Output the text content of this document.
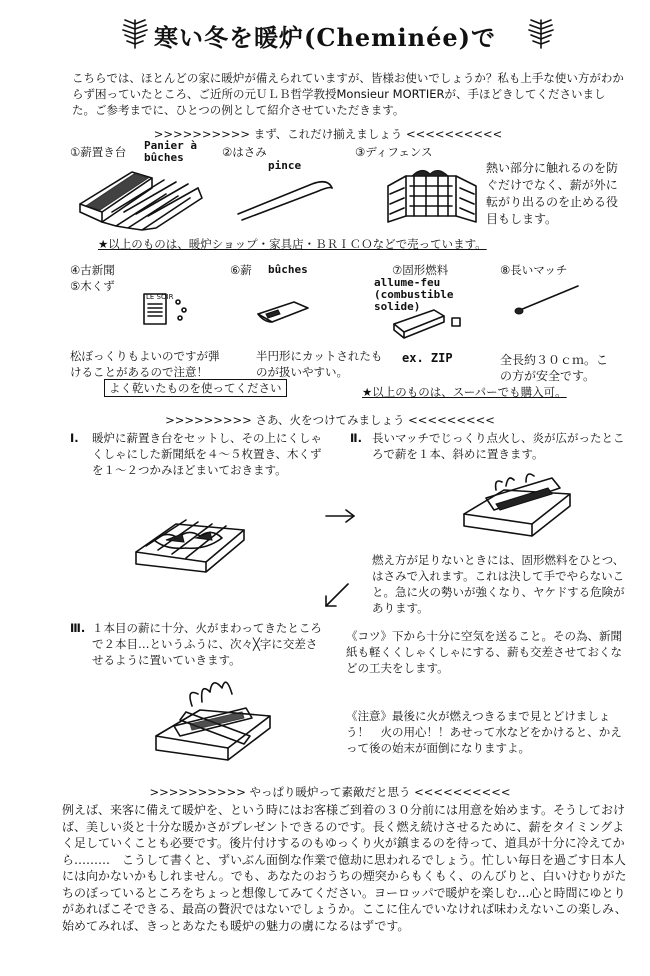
寒い冬を暖炉(Cheminée)で
こちらでは、ほとんどの家に暖炉が備えられていますが、皆様お使いでしょうか？私も上手な使い方がわからず困っていたところ、ご近所の元ＵＬＢ哲学教授Monsieur MORTIERが、手ほどきしてくださいました。ご参考までに、ひとつの例として紹介させていただきます。
>>>>>>>>>> まず、これだけ揃えましょう <<<<<<<<<<
①薪置き台 Panier à bûches	②はさみ
pince
③ディフェンス
熱い部分に触れるのを防ぐだけでなく、薪が外に転がり出るのを止める役目もします。
★以上のものは、暖炉ショップ・家具店・ＢＲＩＣＯなどで売っています。
④古新聞
⑤木くず
⑥薪 bûches	⑦固形燃料
allume-feu (combustible solide)
⑧長いマッチ
LE SOIR
松ぼっくりもよいのですが弾けることがあるので注意！
半円形にカットされたものが扱いやすい。
ex. ZIP	全長約３０ｃｍ。この方が安全です。
よく乾いたものを使ってください	★以上のものは、スーパーでも購入可。
>>>>>>>>> さあ、火をつけてみましょう <<<<<<<<<
Ⅰ. 暖炉に薪置き台をセットし、その上にくしゃくしゃにした新聞紙を４～５枚置き、木くずを１～２つかみほどまいておきます。
Ⅱ. 長いマッチでじっくり点火し、炎が広がったところで薪を１本、斜めに置きます。
燃え方が足りないときには、固形燃料をひとつ、はさみで入れます。これは決して手でやらないこと。急に火の勢いが強くなり、ヤケドする危険があります。
Ⅲ. １本目の薪に十分、火がまわってきたところで２本目…というふうに、次々╳字に交差させるように置いていきます。
《コツ》下から十分に空気を送ること。その為、新聞紙も軽くくしゃくしゃにする、薪も交差させておくなどの工夫をします。
《注意》最後に火が燃えつきるまで見とどけましょう！　火の用心！！あせって水などをかけると、かえって後の始末が面倒になりますよ。
>>>>>>>>>> やっぱり暖炉って素敵だと思う <<<<<<<<<<
例えば、来客に備えて暖炉を、という時にはお客様ご到着の３０分前には用意を始めます。そうしておけば、美しい炎と十分な暖かさがプレゼントできるのです。長く燃え続けさせるために、薪をタイミングよく足していくことも必要です。後片付けするのもゆっくり火が鎮まるのを待って、道具が十分に冷えてから………　こうして書くと、ずいぶん面倒な作業で億劫に思われるでしょう。忙しい毎日を過ごす日本人には向かないかもしれません。でも、あなたのおうちの煙突からもくもく、のんびりと、白いけむりがたちのぼっているところをちょっと想像してみてください。ヨーロッパで暖炉を楽しむ…心と時間にゆとりがあればこそできる、最高の贅沢ではないでしょうか。ここに住んでいなければ味わえないこの楽しみ、始めてみれば、きっとあなたも暖炉の魅力の虜になるはずです。
